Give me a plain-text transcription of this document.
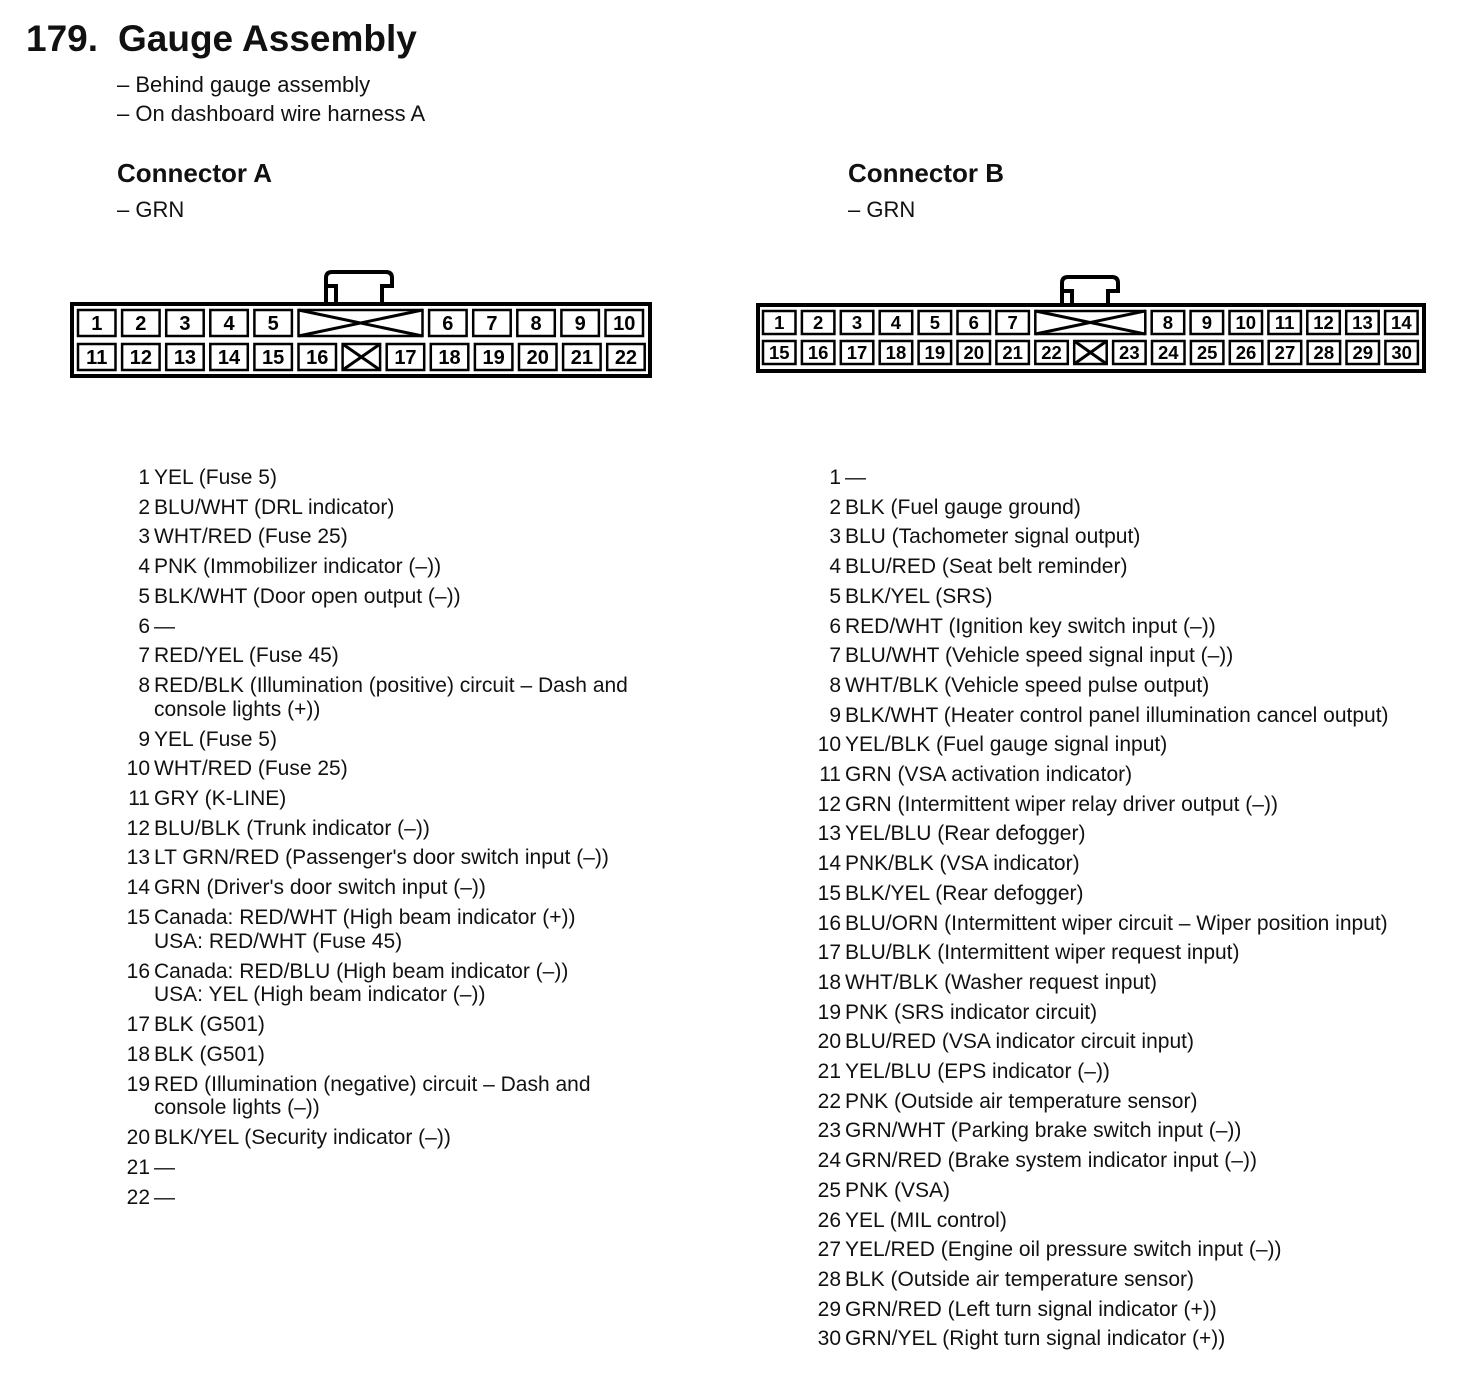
179. Gauge Assembly
– Behind gauge assembly
– On dashboard wire harness A
Connector A
– GRN
Connector B
– GRN
1 2 3 4 5	6 7 8 9 10
11 12 13 14 15 16	17 18 19 20 21 22
1 2 3 4 5 6 7	8 9 10 11 12 13 14
15 16 17 18 19 20 21 22	23 24 25 26 27 28 29 30
1 YEL (Fuse 5)
2 BLU/WHT (DRL indicator)
3 WHT/RED (Fuse 25)
4 PNK (Immobilizer indicator (–))
5 BLK/WHT (Door open output (–))
6 —
7 RED/YEL (Fuse 45)
8 RED/BLK (Illumination (positive) circuit – Dash and
console lights (+))
9 YEL (Fuse 5)
10 WHT/RED (Fuse 25)
11 GRY (K-LINE)
12 BLU/BLK (Trunk indicator (–))
13 LT GRN/RED (Passenger's door switch input (–))
14 GRN (Driver's door switch input (–))
15 Canada: RED/WHT (High beam indicator (+))
USA: RED/WHT (Fuse 45)
16 Canada: RED/BLU (High beam indicator (–))
USA: YEL (High beam indicator (–))
17 BLK (G501)
18 BLK (G501)
19 RED (Illumination (negative) circuit – Dash and
console lights (–))
20 BLK/YEL (Security indicator (–))
21 —
22 —
1 —
2 BLK (Fuel gauge ground)
3 BLU (Tachometer signal output)
4 BLU/RED (Seat belt reminder)
5 BLK/YEL (SRS)
6 RED/WHT (Ignition key switch input (–))
7 BLU/WHT (Vehicle speed signal input (–))
8 WHT/BLK (Vehicle speed pulse output)
9 BLK/WHT (Heater control panel illumination cancel output)
10 YEL/BLK (Fuel gauge signal input)
11 GRN (VSA activation indicator)
12 GRN (Intermittent wiper relay driver output (–))
13 YEL/BLU (Rear defogger)
14 PNK/BLK (VSA indicator)
15 BLK/YEL (Rear defogger)
16 BLU/ORN (Intermittent wiper circuit – Wiper position input)
17 BLU/BLK (Intermittent wiper request input)
18 WHT/BLK (Washer request input)
19 PNK (SRS indicator circuit)
20 BLU/RED (VSA indicator circuit input)
21 YEL/BLU (EPS indicator (–))
22 PNK (Outside air temperature sensor)
23 GRN/WHT (Parking brake switch input (–))
24 GRN/RED (Brake system indicator input (–))
25 PNK (VSA)
26 YEL (MIL control)
27 YEL/RED (Engine oil pressure switch input (–))
28 BLK (Outside air temperature sensor)
29 GRN/RED (Left turn signal indicator (+))
30 GRN/YEL (Right turn signal indicator (+))
